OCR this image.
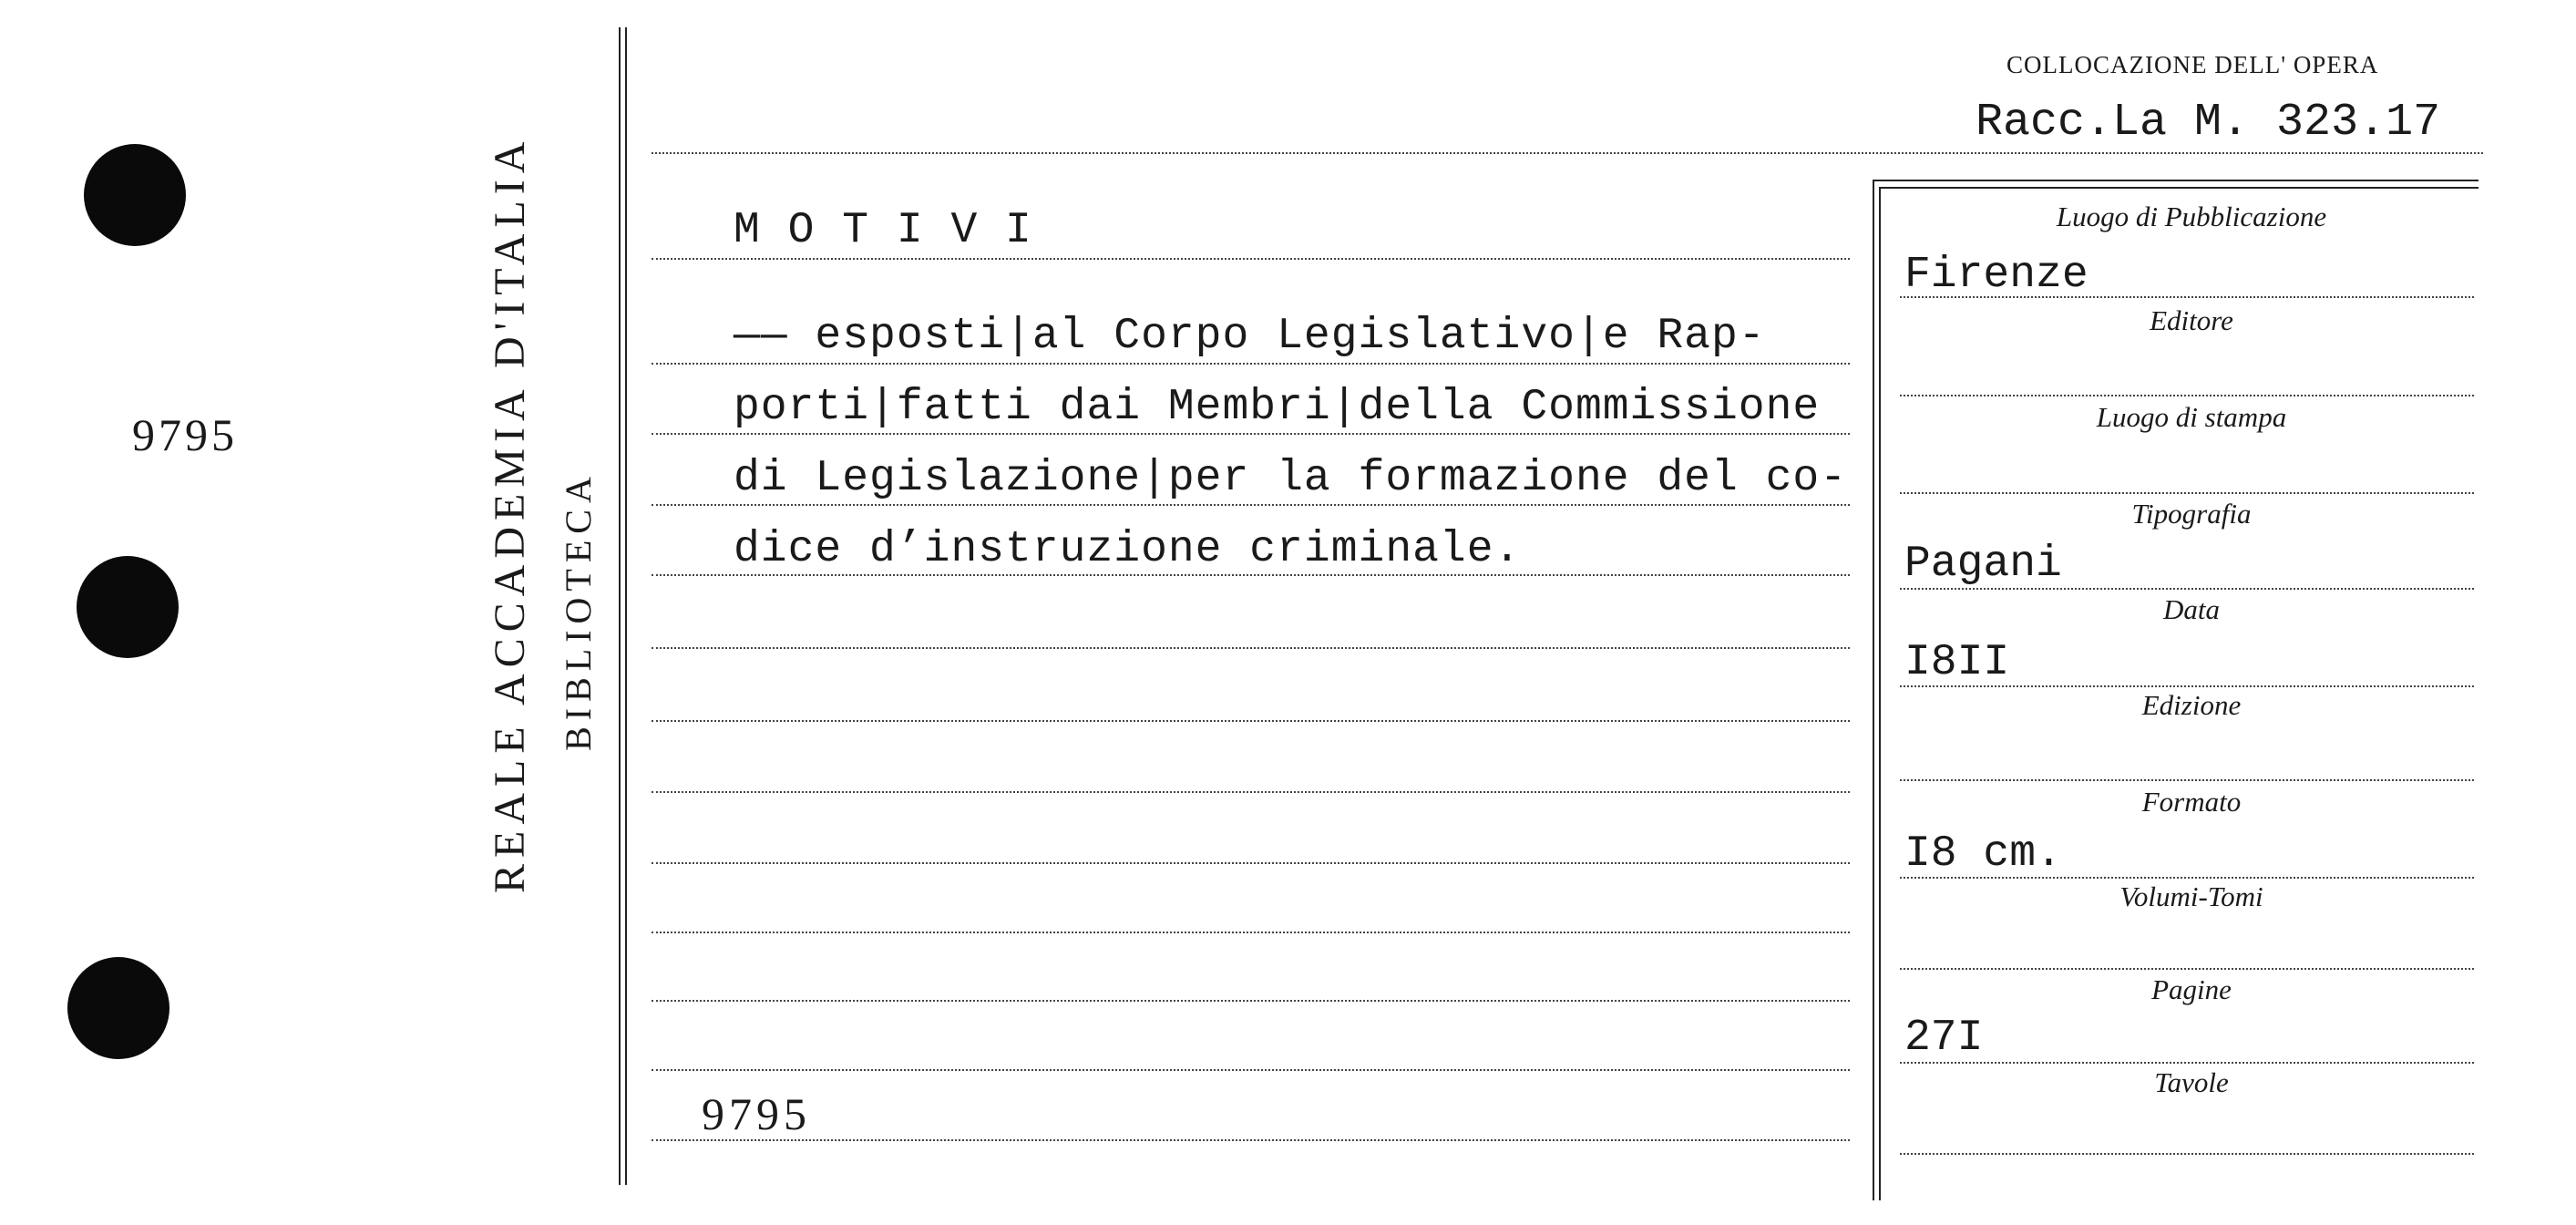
9795	REALE ACCADEMIA D'ITALIA BIBLIOTECA
COLLOCAZIONE DELL' OPERA
Racc.La M. 323.17
M O T I V I
—— esposti|al Corpo Legislativo|e Rap-
porti|fatti dai Membri|della Commissione
di Legislazione|per la formazione del co-
dice d’instruzione criminale.
9795
Luogo di Pubblicazione
Firenze
Editore
Luogo di stampa
Tipografia
Pagani
Data
I8II
Edizione
Formato
I8 cm.
Volumi-Tomi
Pagine
27I
Tavole
